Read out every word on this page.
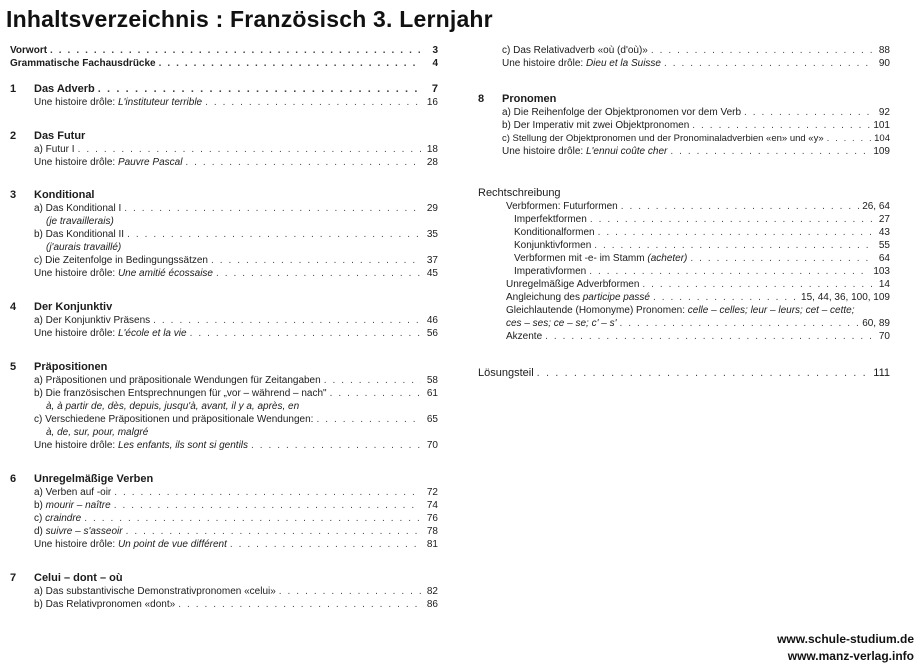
Inhaltsverzeichnis : Französisch 3. Lernjahr
Vorwort . . .	3
Grammatische Fachausdrücke . . .	4
1 Das Adverb . . .	7
Une histoire drôle: L'instituteur terrible . . .	16
2	Das Futur
a) Futur I . . .	18
Une histoire drôle: Pauvre Pascal . . .	28
3	Konditional
a) Das Konditional I . . .	29
(je travaillerais)
b) Das Konditional II . . .	35
(j'aurais travaillé)
c) Die Zeitenfolge in Bedingungssätzen . . .	37
Une histoire drôle: Une amitié écossaise . . .	45
4	Der Konjunktiv
a) Der Konjunktiv Präsens . . .	46
Une histoire drôle: L'école et la vie . . .	56
5	Präpositionen
a) Präpositionen und präpositionale Wendungen für Zeitangaben . . .	58
b) Die französischen Entsprechnungen für „vor – während – nach" . . .	61
à, à partir de, dès, depuis, jusqu'à, avant, il y a, après, en
c) Verschiedene Präpositionen und präpositionale Wendungen: . . .	65
à, de, sur, pour, malgré
Une histoire drôle: Les enfants, ils sont si gentils . . .	70
6	Unregelmäßige Verben
a) Verben auf -oir . . .	72
b) mourir – naître . . .	74
c) craindre . . .	76
d) suivre – s'asseoir . . .	78
Une histoire drôle: Un point de vue différent . . .	81
7	Celui – dont – où
a) Das substantivische Demonstrativpronomen «celui» . . .	82
b) Das Relativpronomen «dont» . . .	86
c) Das Relativadverb «où (d'où)» . . .	88
Une histoire drôle: Dieu et la Suisse . . .	90
8	Pronomen
a) Die Reihenfolge der Objektpronomen vor dem Verb . . .	92
b) Der Imperativ mit zwei Objektpronomen . . .	101
c) Stellung der Objektpronomen und der Pronominaladverbien «en» und «y» . . .	104
Une histoire drôle: L'ennui coûte cher . . .	109
Rechtschreibung
Verbformen: Futurformen . . .	26, 64
Imperfektformen . . .	27
Konditionalformen . . .	43
Konjunktivformen . . .	55
Verbformen mit -e- im Stamm (acheter) . . .	64
Imperativformen . . .	103
Unregelmäßige Adverbformen . . .	14
Angleichung des participe passé . . .	15, 44, 36, 100, 109
Gleichlautende (Homonyme) Pronomen: celle – celles; leur – leurs; cet – cette;
ces – ses; ce – se; c' – s' . . .	60, 89
Akzente . . .	70
Lösungsteil . . .	111
www.schule-studium.de
www.manz-verlag.info
